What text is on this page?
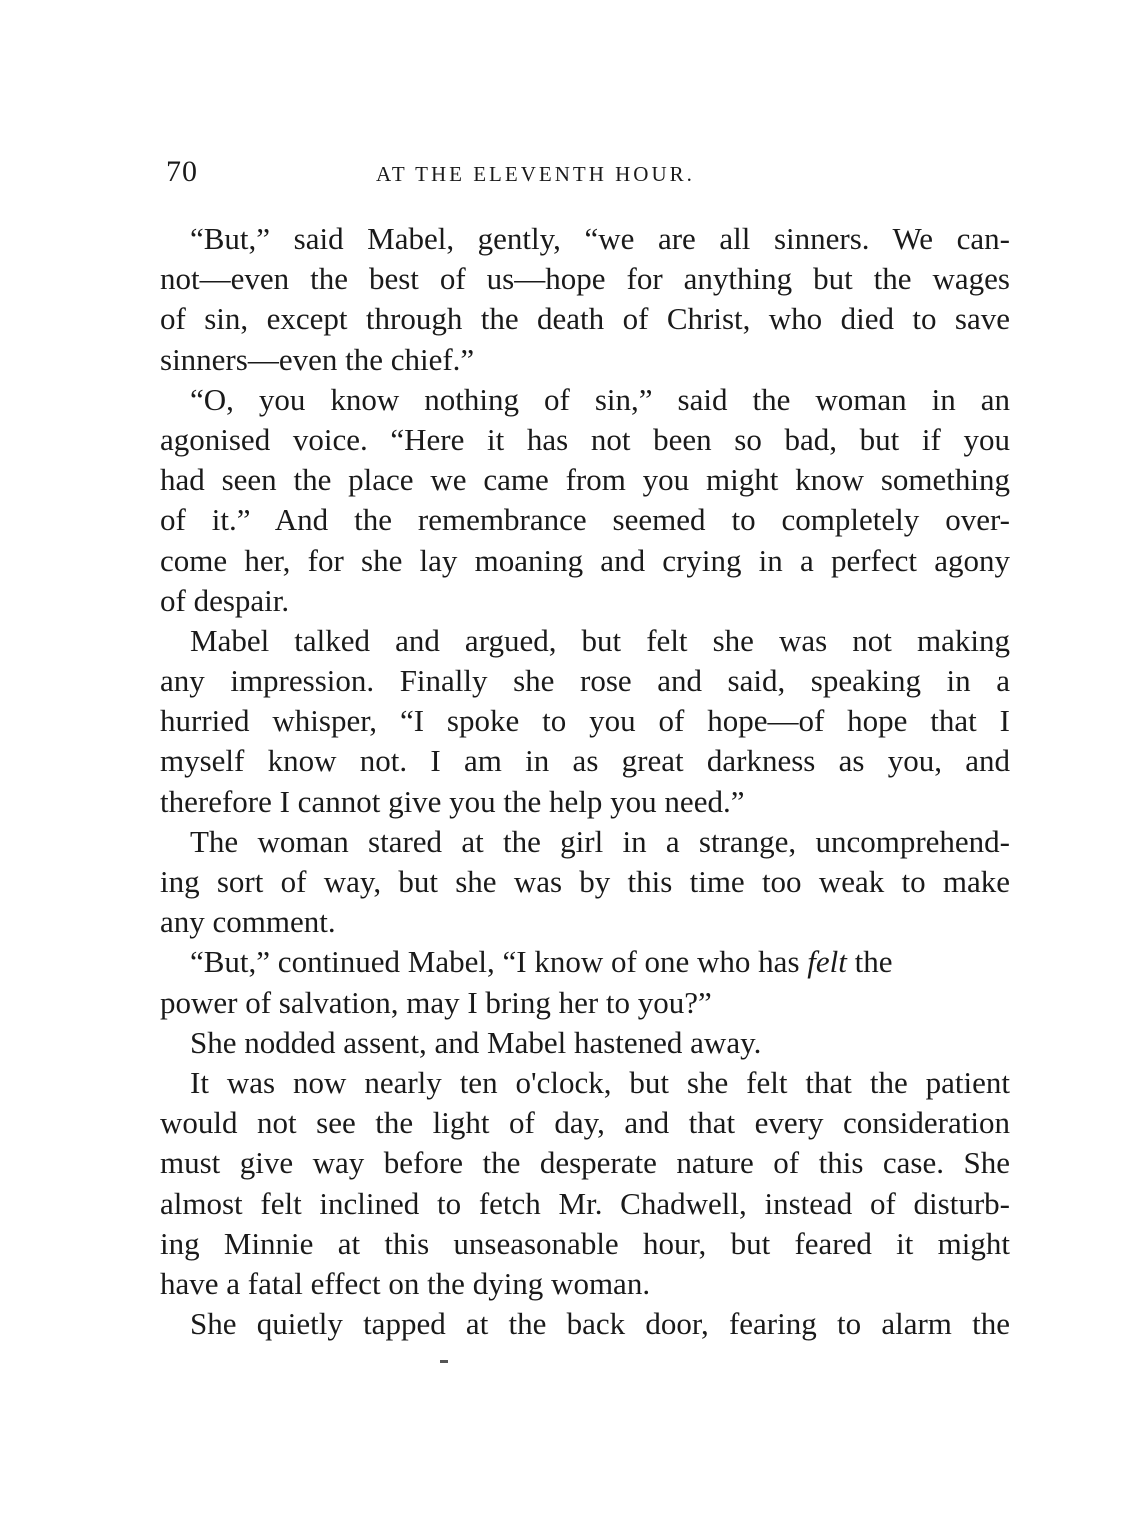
70	AT THE ELEVENTH HOUR.
“But,” said Mabel, gently, “we are all sinners. We can-
not—even the best of us—hope for anything but the wages
of sin, except through the death of Christ, who died to save
sinners—even the chief.”
“O, you know nothing of sin,” said the woman in an
agonised voice. “Here it has not been so bad, but if you
had seen the place we came from you might know something
of it.” And the remembrance seemed to completely over-
come her, for she lay moaning and crying in a perfect agony
of despair.
Mabel talked and argued, but felt she was not making
any impression. Finally she rose and said, speaking in a
hurried whisper, “I spoke to you of hope—of hope that I
myself know not. I am in as great darkness as you, and
therefore I cannot give you the help you need.”
The woman stared at the girl in a strange, uncomprehend-
ing sort of way, but she was by this time too weak to make
any comment.
“But,” continued Mabel, “I know of one who has felt the
power of salvation, may I bring her to you?”
She nodded assent, and Mabel hastened away.
It was now nearly ten o'clock, but she felt that the patient
would not see the light of day, and that every consideration
must give way before the desperate nature of this case. She
almost felt inclined to fetch Mr. Chadwell, instead of disturb-
ing Minnie at this unseasonable hour, but feared it might
have a fatal effect on the dying woman.
She quietly tapped at the back door, fearing to alarm the
